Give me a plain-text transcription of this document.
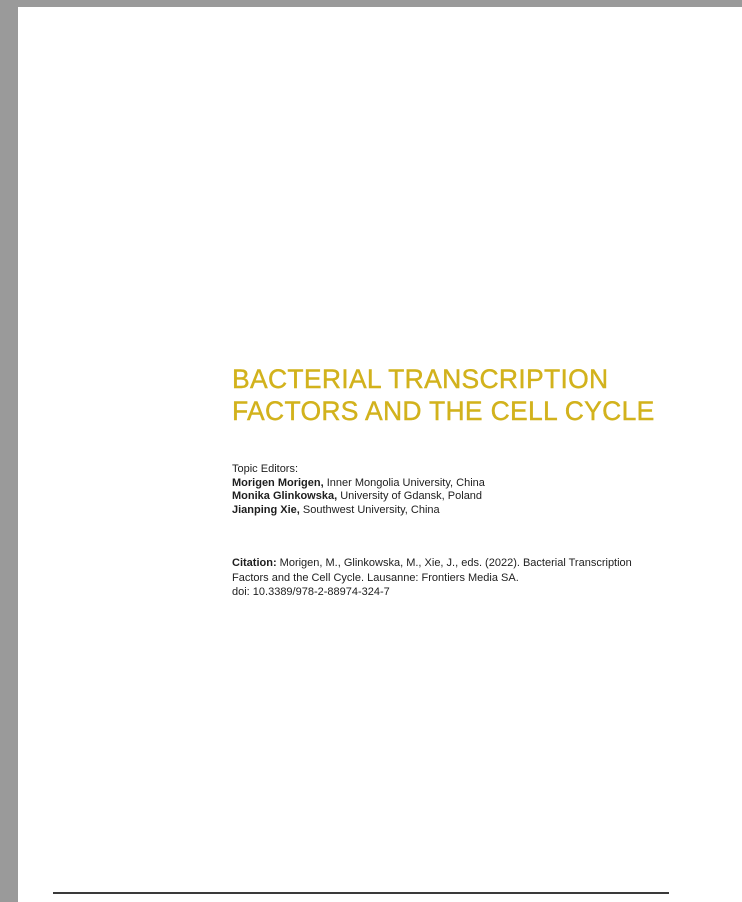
BACTERIAL TRANSCRIPTION
FACTORS AND THE CELL CYCLE
Topic Editors:
Morigen Morigen, Inner Mongolia University, China
Monika Glinkowska, University of Gdansk, Poland
Jianping Xie, Southwest University, China
Citation: Morigen, M., Glinkowska, M., Xie, J., eds. (2022). Bacterial Transcription
Factors and the Cell Cycle. Lausanne: Frontiers Media SA.
doi: 10.3389/978-2-88974-324-7
